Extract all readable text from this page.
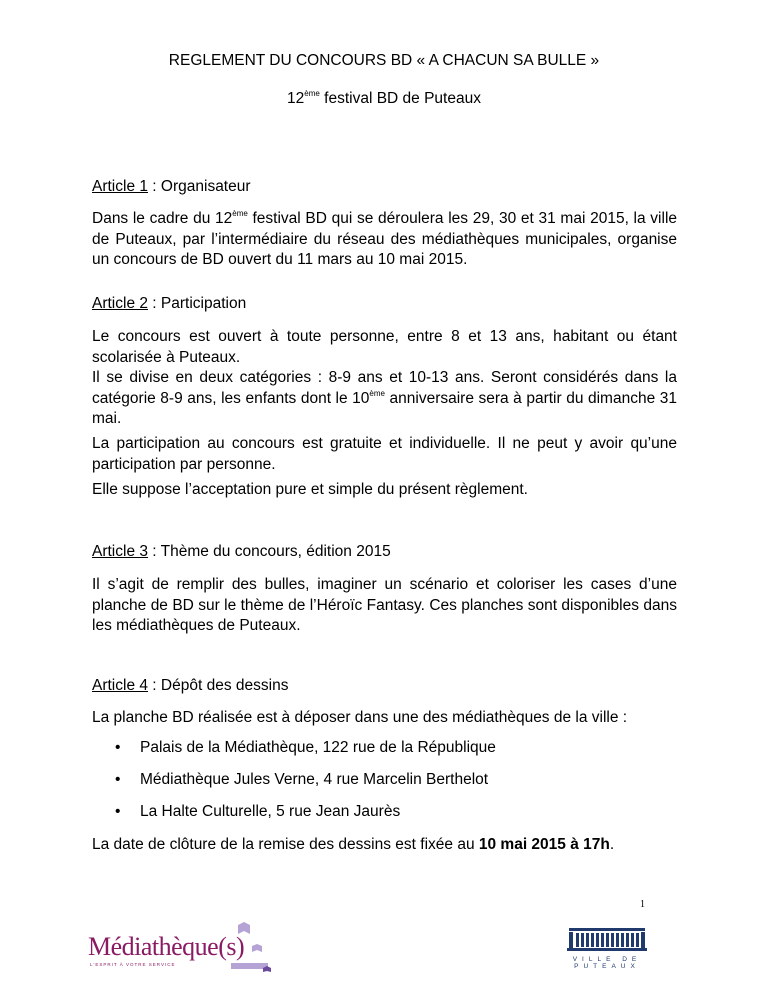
REGLEMENT DU CONCOURS BD « A CHACUN SA BULLE »
12ème festival BD de Puteaux
Article 1 : Organisateur
Dans le cadre du 12ème festival BD qui se déroulera les 29, 30 et 31 mai 2015, la ville de Puteaux, par l’intermédiaire du réseau des médiathèques municipales, organise un concours de BD ouvert du 11 mars au 10 mai 2015.
Article 2 : Participation
Le concours est ouvert à toute personne, entre 8 et 13 ans, habitant ou étant scolarisée à Puteaux.
Il se divise en deux catégories : 8-9 ans et 10-13 ans. Seront considérés dans la catégorie 8-9 ans, les enfants dont le 10ème anniversaire sera à partir du dimanche 31 mai.
La participation au concours est gratuite et individuelle. Il ne peut y avoir qu’une participation par personne.
Elle suppose l’acceptation pure et simple du présent règlement.
Article 3 : Thème du concours, édition 2015
Il s’agit de remplir des bulles, imaginer un scénario et coloriser les cases d’une planche de BD sur le thème de l’Héroïc Fantasy. Ces planches sont disponibles dans les médiathèques de Puteaux.
Article 4 : Dépôt des dessins
La planche BD réalisée est à déposer dans une des médiathèques de la ville :
• Palais de la Médiathèque, 122 rue de la République
• Médiathèque Jules Verne, 4 rue Marcelin Berthelot
• La Halte Culturelle, 5 rue Jean Jaurès
La date de clôture de la remise des dessins est fixée au 10 mai 2015 à 17h.
1
Médiathèque(s)
L'ESPRIT À VOTRE SERVICE
VILLE DE PUTEAUX
